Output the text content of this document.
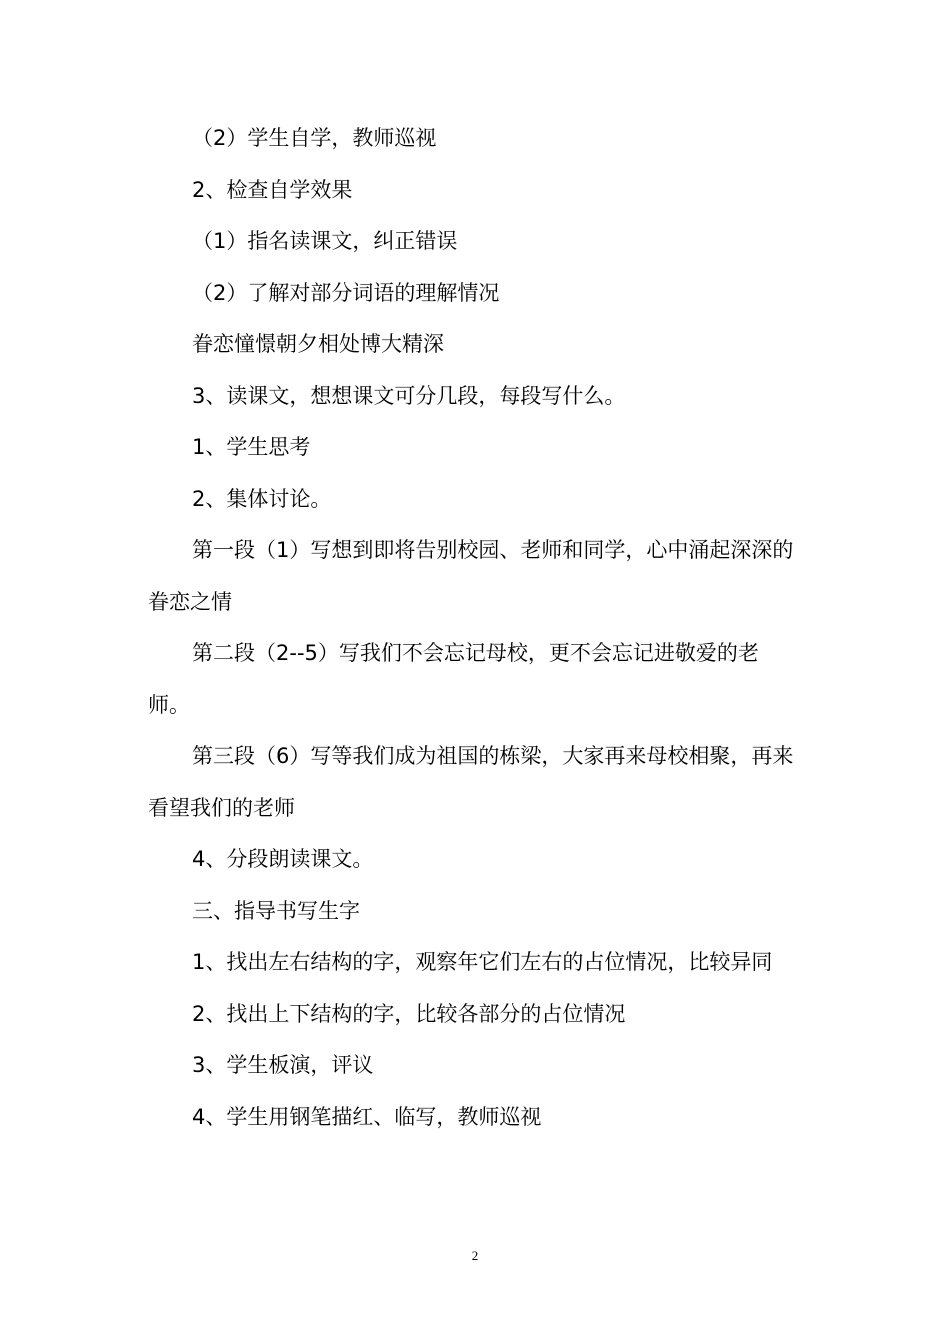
（2）学生自学，教师巡视

2、检查自学效果

（1）指名读课文，纠正错误

（2）了解对部分词语的理解情况

眷恋憧憬朝夕相处博大精深

3、读课文，想想课文可分几段，每段写什么。

1、学生思考

2、集体讨论。

第一段（1）写想到即将告别校园、老师和同学，心中涌起深深的眷恋之情

第二段（2--5）写我们不会忘记母校，更不会忘记进敬爱的老师。

第三段（6）写等我们成为祖国的栋梁，大家再来母校相聚，再来看望我们的老师

4、分段朗读课文。

三、指导书写生字

1、找出左右结构的字，观察年它们左右的占位情况，比较异同

2、找出上下结构的字，比较各部分的占位情况

3、学生板演，评议

4、学生用钢笔描红、临写，教师巡视

2
